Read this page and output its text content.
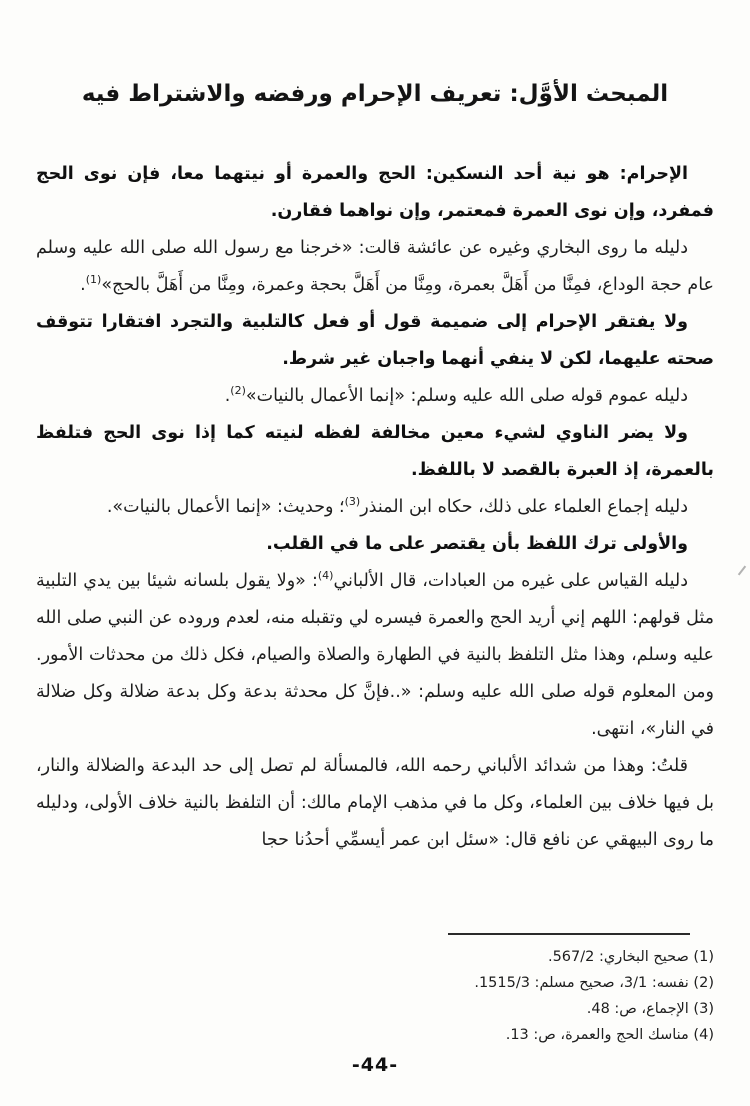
المبحث الأوَّل: تعريف الإحرام ورفضه والاشتراط فيه

الإحرام: هو نية أحد النسكين: الحج والعمرة أو نيتهما معا، فإن نوى الحج فمفرد، وإن نوى العمرة فمعتمر، وإن نواهما فقارن.

دليله ما روى البخاري وغيره عن عائشة قالت: «خرجنا مع رسول الله صلى الله عليه وسلم عام حجة الوداع، فمِنَّا من أَهَلَّ بعمرة، ومِنَّا من أَهَلَّ بحجة وعمرة، ومِنَّا من أَهَلَّ بالحج»$^{(1)}$.

ولا يفتقر الإحرام إلى ضميمة قول أو فعل كالتلبية والتجرد افتقارا تتوقف صحته عليهما، لكن لا ينفي أنهما واجبان غير شرط.

دليله عموم قوله صلى الله عليه وسلم: «إنما الأعمال بالنيات»$^{(2)}$.

ولا يضر الناوي لشيء معين مخالفة لفظه لنيته كما إذا نوى الحج فتلفظ بالعمرة، إذ العبرة بالقصد لا باللفظ.

دليله إجماع العلماء على ذلك، حكاه ابن المنذر$^{(3)}$؛ وحديث: «إنما الأعمال بالنيات».

والأولى ترك اللفظ بأن يقتصر على ما في القلب.

دليله القياس على غيره من العبادات، قال الألباني$^{(4)}$: «ولا يقول بلسانه شيئا بين يدي التلبية مثل قولهم: اللهم إني أريد الحج والعمرة فيسره لي وتقبله منه، لعدم وروده عن النبي صلى الله عليه وسلم، وهذا مثل التلفظ بالنية في الطهارة والصلاة والصيام، فكل ذلك من محدثات الأمور. ومن المعلوم قوله صلى الله عليه وسلم: «..فإنَّ كل محدثة بدعة وكل بدعة ضلالة وكل ضلالة في النار»، انتهى.

قلتُ: وهذا من شدائد الألباني رحمه الله، فالمسألة لم تصل إلى حد البدعة والضلالة والنار، بل فيها خلاف بين العلماء، وكل ما في مذهب الإمام مالك: أن التلفظ بالنية خلاف الأولى، ودليله ما روى البيهقي عن نافع قال: «سئل ابن عمر أيسمِّي أحدُنا حجا

(1) صحيح البخاري: 567/2.
(2) نفسه: 3/1، صحيح مسلم: 1515/3.
(3) الإجماع، ص: 48.
(4) مناسك الحج والعمرة، ص: 13.
-44-
